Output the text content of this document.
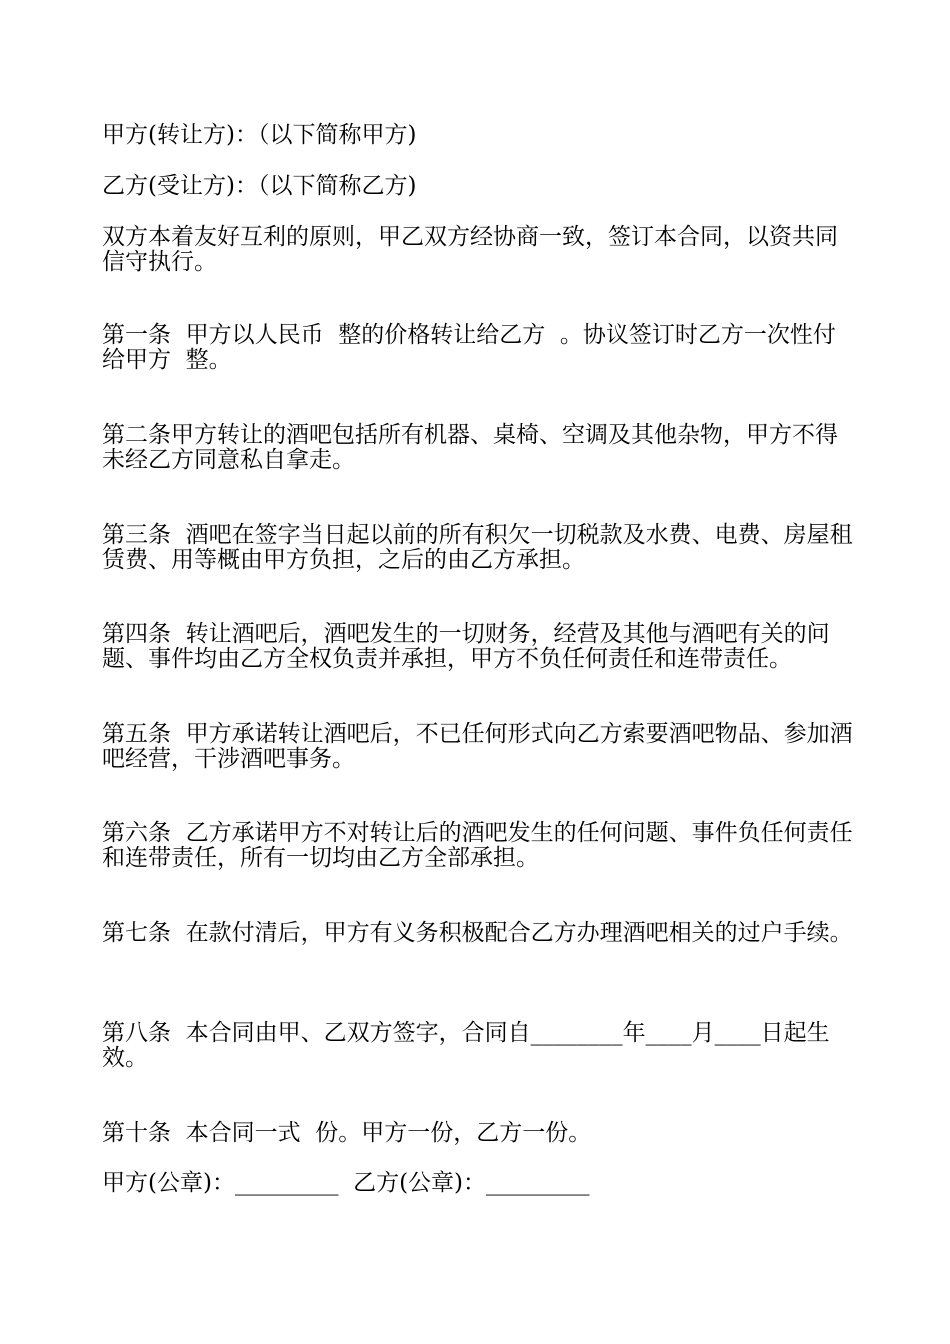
甲方(转让方)：（以下简称甲方)

乙方(受让方)：（以下简称乙方)

双方本着友好互利的原则，甲乙双方经协商一致，签订本合同，以资共同信守执行。

第一条  甲方以人民币  整的价格转让给乙方  。协议签订时乙方一次性付给甲方  整。

第二条甲方转让的酒吧包括所有机器、桌椅、空调及其他杂物，甲方不得未经乙方同意私自拿走。

第三条  酒吧在签字当日起以前的所有积欠一切税款及水费、电费、房屋租赁费、用等概由甲方负担，之后的由乙方承担。

第四条  转让酒吧后，酒吧发生的一切财务，经营及其他与酒吧有关的问题、事件均由乙方全权负责并承担，甲方不负任何责任和连带责任。

第五条  甲方承诺转让酒吧后，不已任何形式向乙方索要酒吧物品、参加酒吧经营，干涉酒吧事务。

第六条  乙方承诺甲方不对转让后的酒吧发生的任何问题、事件负任何责任和连带责任，所有一切均由乙方全部承担。

第七条  在款付清后，甲方有义务积极配合乙方办理酒吧相关的过户手续。

第八条  本合同由甲、乙双方签字，合同自________年____月____日起生效。

第十条  本合同一式  份。甲方一份，乙方一份。

甲方(公章)：_________  乙方(公章)：_________
